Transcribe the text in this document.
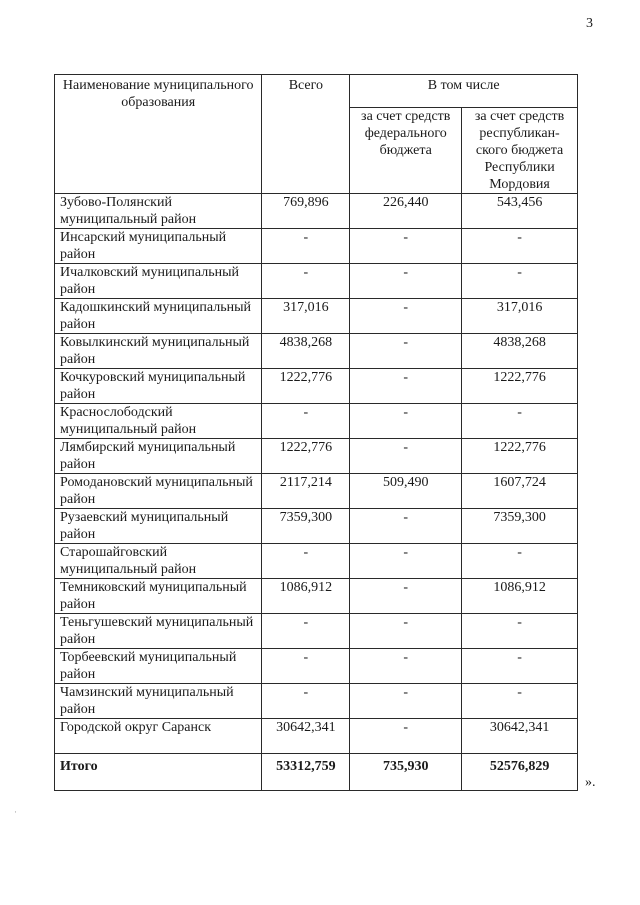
3
Наименование муниципального образования	Всего	В том числе	
		за счет средств федерального бюджета	за счет средств республикан-ского бюджета Республики Мордовия
Зубово-Полянский муниципальный район	769,896	226,440	543,456
Инсарский муниципальный район	-	-	-
Ичалковский муниципальный район	-	-	-
Кадошкинский муниципальный район	317,016	-	317,016
Ковылкинский муниципальный район	4838,268	-	4838,268
Кочкуровский муниципальный район	1222,776	-	1222,776
Краснослободский муниципальный район	-	-	-
Лямбирский муниципальный район	1222,776	-	1222,776
Ромодановский муниципальный район	2117,214	509,490	1607,724
Рузаевский муниципальный район	7359,300	-	7359,300
Старошайговский муниципальный район	-	-	-
Темниковский муниципальный район	1086,912	-	1086,912
Теньгушевский муниципальный район	-	-	-
Торбеевский муниципальный район	-	-	-
Чамзинский муниципальный район	-	-	-
Городской округ Саранск	30642,341	-	30642,341
Итого	53312,759	735,930	52576,829
».
·
